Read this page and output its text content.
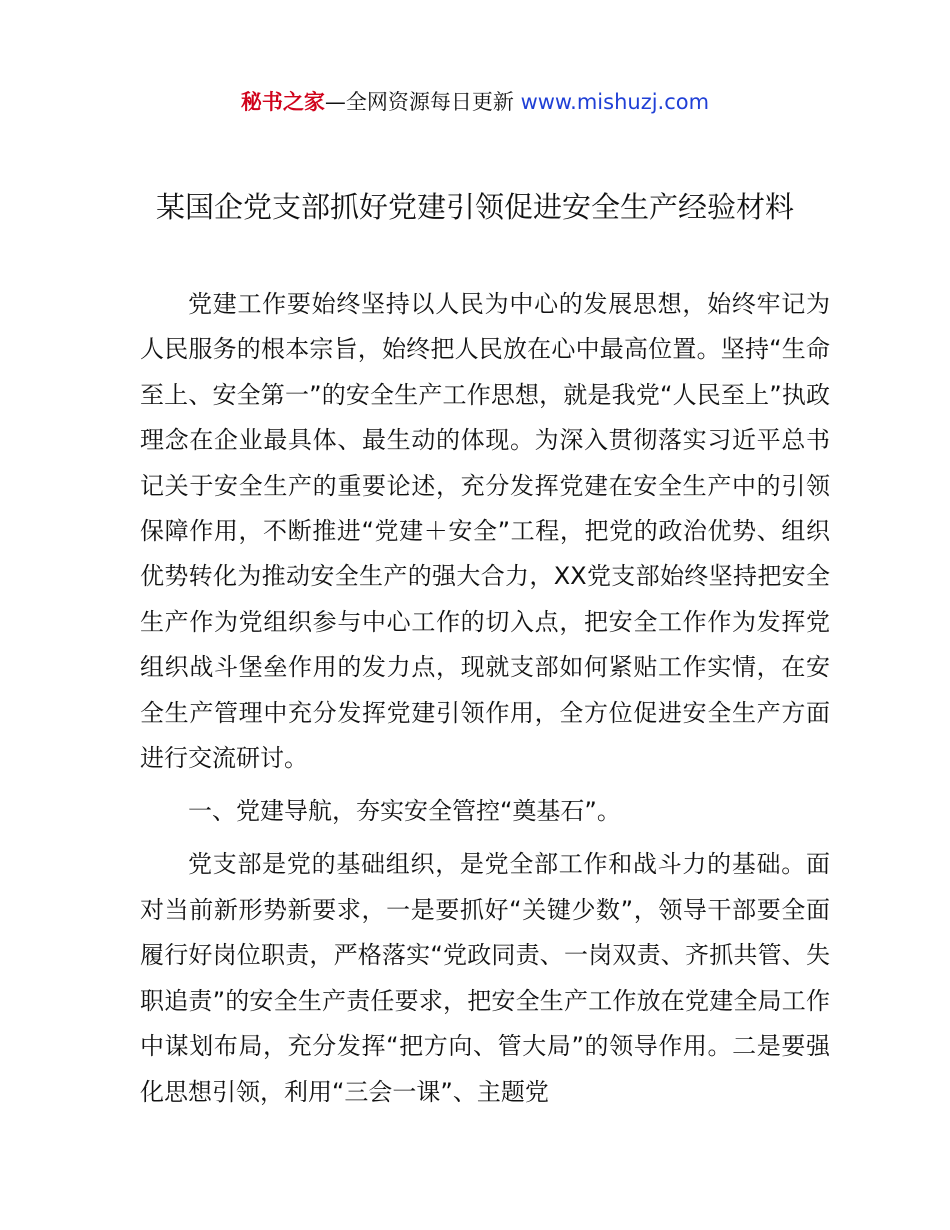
秘书之家—全网资源每日更新 www.mishuzj.com
某国企党支部抓好党建引领促进安全生产经验材料

党建工作要始终坚持以人民为中心的发展思想，始终牢记为人民服务的根本宗旨，始终把人民放在心中最高位置。坚持“生命至上、安全第一”的安全生产工作思想，就是我党“人民至上”执政理念在企业最具体、最生动的体现。为深入贯彻落实习近平总书记关于安全生产的重要论述，充分发挥党建在安全生产中的引领保障作用，不断推进“党建＋安全”工程，把党的政治优势、组织优势转化为推动安全生产的强大合力，XX党支部始终坚持把安全生产作为党组织参与中心工作的切入点，把安全工作作为发挥党组织战斗堡垒作用的发力点，现就支部如何紧贴工作实情，在安全生产管理中充分发挥党建引领作用，全方位促进安全生产方面进行交流研讨。

一、党建导航，夯实安全管控“奠基石”。

党支部是党的基础组织，是党全部工作和战斗力的基础。面对当前新形势新要求，一是要抓好“关键少数”，领导干部要全面履行好岗位职责，严格落实“党政同责、一岗双责、齐抓共管、失职追责”的安全生产责任要求，把安全生产工作放在党建全局工作中谋划布局，充分发挥“把方向、管大局”的领导作用。二是要强化思想引领，利用“三会一课”、主题党
